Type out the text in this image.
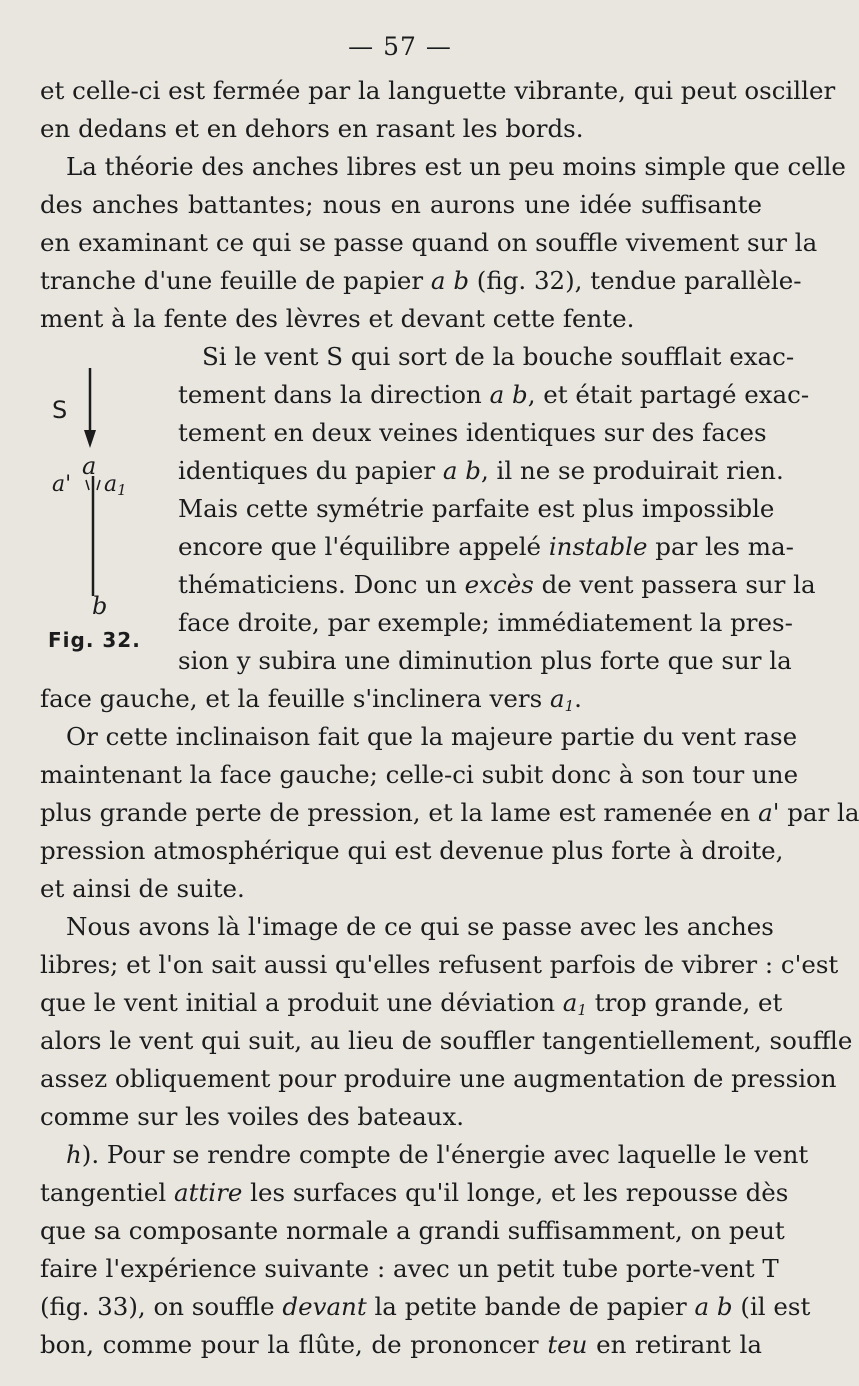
— 57 —
S
a
a' $a_1$
b
Fig. 32.
et celle-ci est fermée par la languette vibrante, qui peut osciller
en dedans et en dehors en rasant les bords.
La théorie des anches libres est un peu moins simple que celle
des anches battantes; nous en aurons une idée suffisante
en examinant ce qui se passe quand on souffle vivement sur la
tranche d'une feuille de papier a b (fig. 32), tendue parallèle-
ment à la fente des lèvres et devant cette fente.
Si le vent S qui sort de la bouche soufflait exac-
tement dans la direction a b, et était partagé exac-
tement en deux veines identiques sur des faces
identiques du papier a b, il ne se produirait rien.
Mais cette symétrie parfaite est plus impossible
encore que l'équilibre appelé instable par les ma-
thématiciens. Donc un excès de vent passera sur la
face droite, par exemple; immédiatement la pres-
sion y subira une diminution plus forte que sur la
face gauche, et la feuille s'inclinera vers $a_1$.
Or cette inclinaison fait que la majeure partie du vent rase
maintenant la face gauche; celle-ci subit donc à son tour une
plus grande perte de pression, et la lame est ramenée en a' par la
pression atmosphérique qui est devenue plus forte à droite,
et ainsi de suite.
Nous avons là l'image de ce qui se passe avec les anches
libres; et l'on sait aussi qu'elles refusent parfois de vibrer : c'est
que le vent initial a produit une déviation $a_1$ trop grande, et
alors le vent qui suit, au lieu de souffler tangentiellement, souffle
assez obliquement pour produire une augmentation de pression
comme sur les voiles des bateaux.
h). Pour se rendre compte de l'énergie avec laquelle le vent
tangentiel attire les surfaces qu'il longe, et les repousse dès
que sa composante normale a grandi suffisamment, on peut
faire l'expérience suivante : avec un petit tube porte-vent T
(fig. 33), on souffle devant la petite bande de papier a b (il est
bon, comme pour la flûte, de prononcer teu en retirant la
